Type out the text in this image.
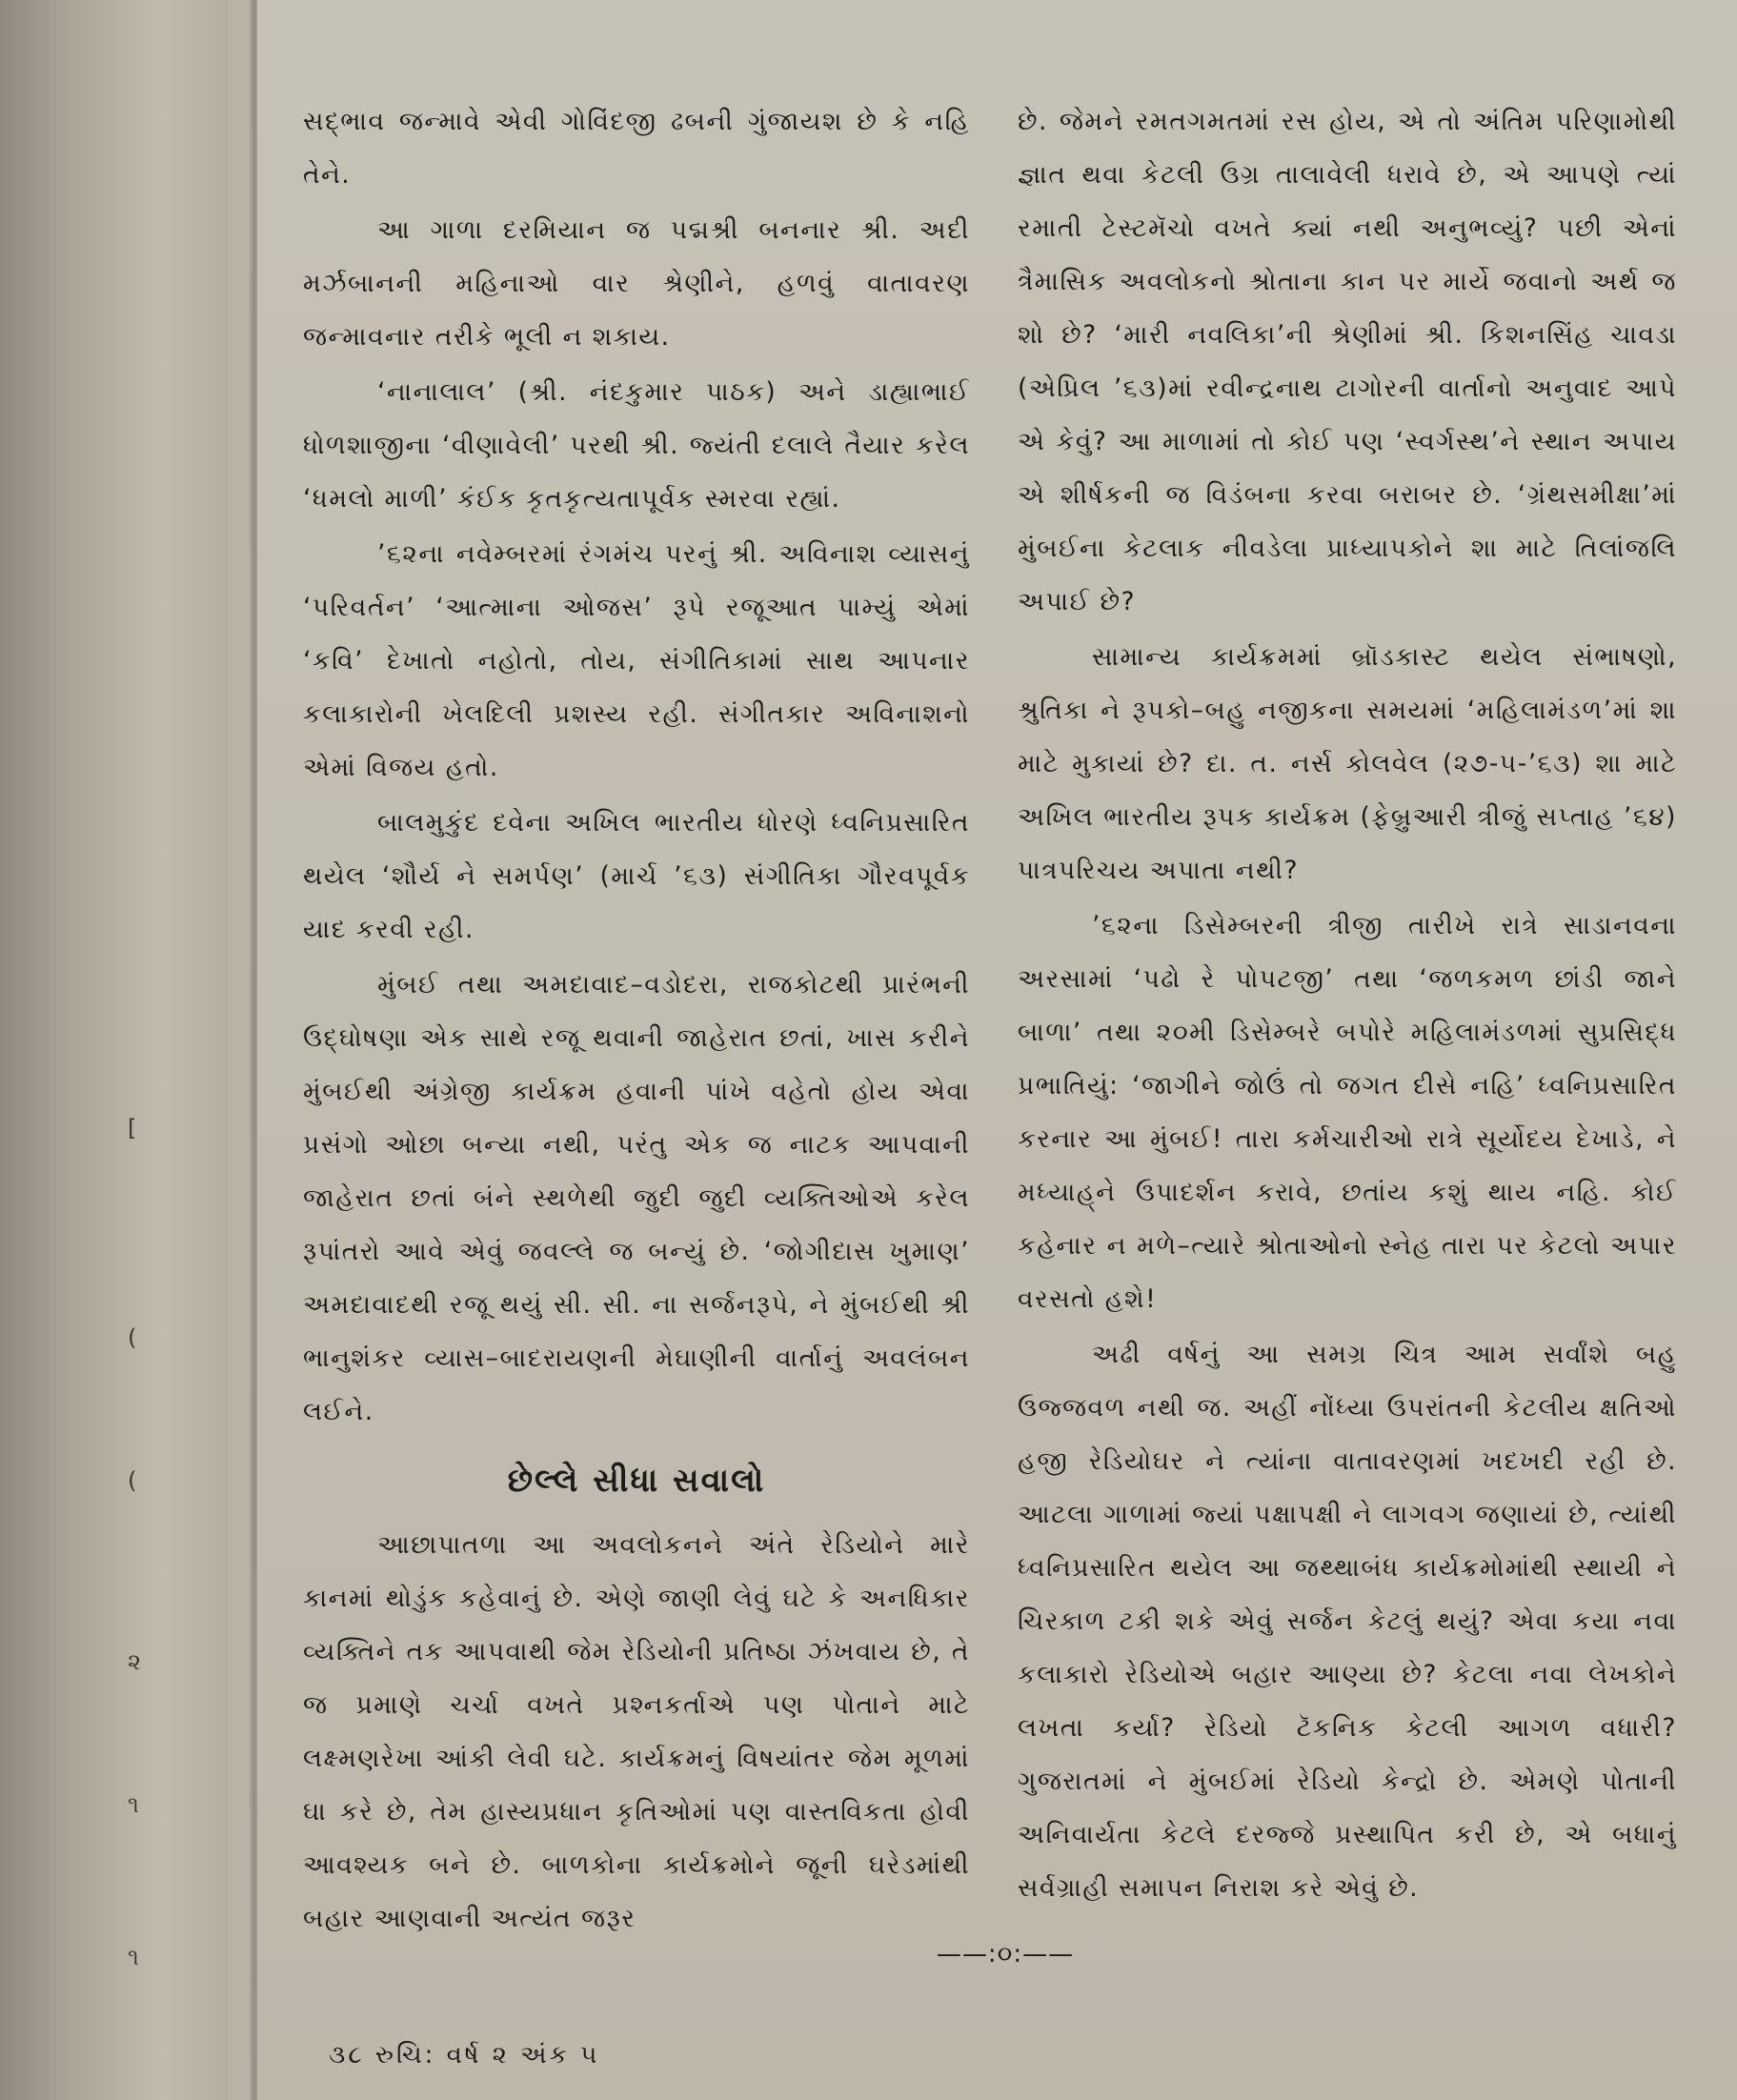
[
(
(
૨
૧
૧

સદ્‌ભાવ જન્માવે એવી ગોવિંદજી ઢબની ગુંજાયશ છે કે નહિ તેને.

આ ગાળા દરમિયાન જ પદ્મશ્રી બનનાર શ્રી. અદી મર્ઝબાનની મહિનાઓ વાર શ્રેણીને, હળવું વાતાવરણ જન્માવનાર તરીકે ભૂલી ન શકાય.

‘નાનાલાલ’ (શ્રી. નંદકુમાર પાઠક) અને ડાહ્યાભાઈ ધોળશાજીના ‘વીણાવેલી’ પરથી શ્રી. જ્યંતી દલાલે તૈયાર કરેલ ‘ધમલો માળી’ કંઈક કૃતકૃત્યતાપૂર્વક સ્મરવા રહ્યાં.

’૬૨ના નવેમ્બરમાં રંગમંચ પરનું શ્રી. અવિનાશ વ્યાસનું ‘પરિવર્તન’ ‘આત્માના ઓજસ’ રૂપે રજૂઆત પામ્યું એમાં ‘કવિ’ દેખાતો નહોતો, તોય, સંગીતિકામાં સાથ આપનાર કલાકારોની ખેલદિલી પ્રશસ્ય રહી. સંગીતકાર અવિનાશનો એમાં વિજય હતો.

બાલમુકુંદ દવેના અખિલ ભારતીય ધોરણે ધ્વનિપ્રસારિત થયેલ ‘શૌર્ય ને સમર્પણ’ (માર્ચ ’૬૩) સંગીતિકા ગૌરવપૂર્વક યાદ કરવી રહી.

મુંબઈ તથા અમદાવાદ–વડોદરા, રાજકોટથી પ્રારંભની ઉદ્‌ઘોષણા એક સાથે રજૂ થવાની જાહેરાત છતાં, ખાસ કરીને મુંબઈથી અંગ્રેજી કાર્યક્રમ હવાની પાંખે વહેતો હોય એવા પ્રસંગો ઓછા બન્યા નથી, પરંતુ એક જ નાટક આપવાની જાહેરાત છતાં બંને સ્થળેથી જુદી જુદી વ્યક્તિઓએ કરેલ રૂપાંતરો આવે એવું જવલ્લે જ બન્યું છે. ‘જોગીદાસ ખુમાણ’ અમદાવાદથી રજૂ થયું સી. સી. ના સર્જનરૂપે, ને મુંબઈથી શ્રી ભાનુશંકર વ્યાસ–બાદરાયણની મેઘાણીની વાર્તાનું અવલંબન લઈને.

છેલ્લે સીધા સવાલો

આછાપાતળા આ અવલોકનને અંતે રેડિયોને મારે કાનમાં થોડુંક કહેવાનું છે. એણે જાણી લેવું ઘટે કે અનધિકાર વ્યક્તિને તક આપવાથી જેમ રેડિયોની પ્રતિષ્ઠા ઝંખવાય છે, તે જ પ્રમાણે ચર્ચા વખતે પ્રશ્નકર્તાએ પણ પોતાને માટે લક્ષ્મણરેખા આંકી લેવી ઘટે. કાર્યક્રમનું વિષયાંતર જેમ મૂળમાં ઘા કરે છે, તેમ હાસ્યપ્રધાન કૃતિઓમાં પણ વાસ્તવિકતા હોવી આવશ્યક બને છે. બાળકોના કાર્યક્રમોને જૂની ઘરેડમાંથી બહાર આણવાની અત્યંત જરૂર

છે. જેમને રમતગમતમાં રસ હોય, એ તો અંતિમ પરિણામોથી જ્ઞાત થવા કેટલી ઉગ્ર તાલાવેલી ધરાવે છે, એ આપણે ત્યાં રમાતી ટેસ્ટમૅચો વખતે ક્યાં નથી અનુભવ્યું? પછી એનાં ત્રૈમાસિક અવલોકનો શ્રોતાના કાન પર માર્યે જવાનો અર્થ જ શો છે? ‘મારી નવલિકા’ની શ્રેણીમાં શ્રી. કિશનસિંહ ચાવડા (એપ્રિલ ’૬૩)માં રવીન્દ્રનાથ ટાગોરની વાર્તાનો અનુવાદ આપે એ કેવું? આ માળામાં તો કોઈ પણ ‘સ્વર્ગસ્થ’ને સ્થાન અપાય એ શીર્ષકની જ વિડંબના કરવા બરાબર છે. ‘ગ્રંથસમીક્ષા’માં મુંબઈના કેટલાક નીવડેલા પ્રાધ્યાપકોને શા માટે તિલાંજલિ અપાઈ છે?

સામાન્ય કાર્યક્રમમાં બ્રૉડકાસ્ટ થયેલ સંભાષણો, શ્રુતિકા ને રૂપકો–બહુ નજીકના સમયમાં ‘મહિલામંડળ’માં શા માટે મુકાયાં છે? દા. ત. નર્સ કોલવેલ (૨૭-૫-’૬૩) શા માટે અખિલ ભારતીય રૂપક કાર્યક્રમ (ફેબ્રુઆરી ત્રીજું સપ્તાહ ’૬૪) પાત્રપરિચય અપાતા નથી?

’૬૨ના ડિસેમ્બરની ત્રીજી તારીખે રાત્રે સાડાનવના અરસામાં ‘પઢો રે પોપટજી’ તથા ‘જળકમળ છાંડી જાને બાળા’ તથા ૨૦મી ડિસેમ્બરે બપોરે મહિલામંડળમાં સુપ્રસિદ્ધ પ્રભાતિયું: ‘જાગીને જોઉં તો જગત દીસે નહિ’ ધ્વનિપ્રસારિત કરનાર આ મુંબઈ! તારા કર્મચારીઓ રાત્રે સૂર્યોદય દેખાડે, ને મધ્યાહ્‌ને ઉપાદર્શન કરાવે, છતાંય કશું થાય નહિ. કોઈ કહેનાર ન મળે–ત્યારે શ્રોતાઓનો સ્નેહ તારા પર કેટલો અપાર વરસતો હશે!

અઢી વર્ષનું આ સમગ્ર ચિત્ર આમ સર્વાંશે બહુ ઉજ્જવળ નથી જ. અહીં નોંધ્યા ઉપરાંતની કેટલીય ક્ષતિઓ હજી રેડિયોઘર ને ત્યાંના વાતાવરણમાં ખદખદી રહી છે. આટલા ગાળામાં જ્યાં પક્ષાપક્ષી ને લાગવગ જણાયાં છે, ત્યાંથી ધ્વનિપ્રસારિત થયેલ આ જથ્થાબંધ કાર્યક્રમોમાંથી સ્થાયી ને ચિરકાળ ટકી શકે એવું સર્જન કેટલું થયું? એવા કયા નવા કલાકારો રેડિયોએ બહાર આણ્યા છે? કેટલા નવા લેખકોને લખતા કર્યા? રેડિયો ટૅકનિક કેટલી આગળ વધારી? ગુજરાતમાં ને મુંબઈમાં રેડિયો કેન્દ્રો છે. એમણે પોતાની અનિવાર્યતા કેટલે દરજ્જે પ્રસ્થાપિત કરી છે, એ બધાનું સર્વગ્રાહી સમાપન નિરાશ કરે એવું છે.

——:૦:——
૩૮ રુચિ: વર્ષ ૨ અંક ૫
